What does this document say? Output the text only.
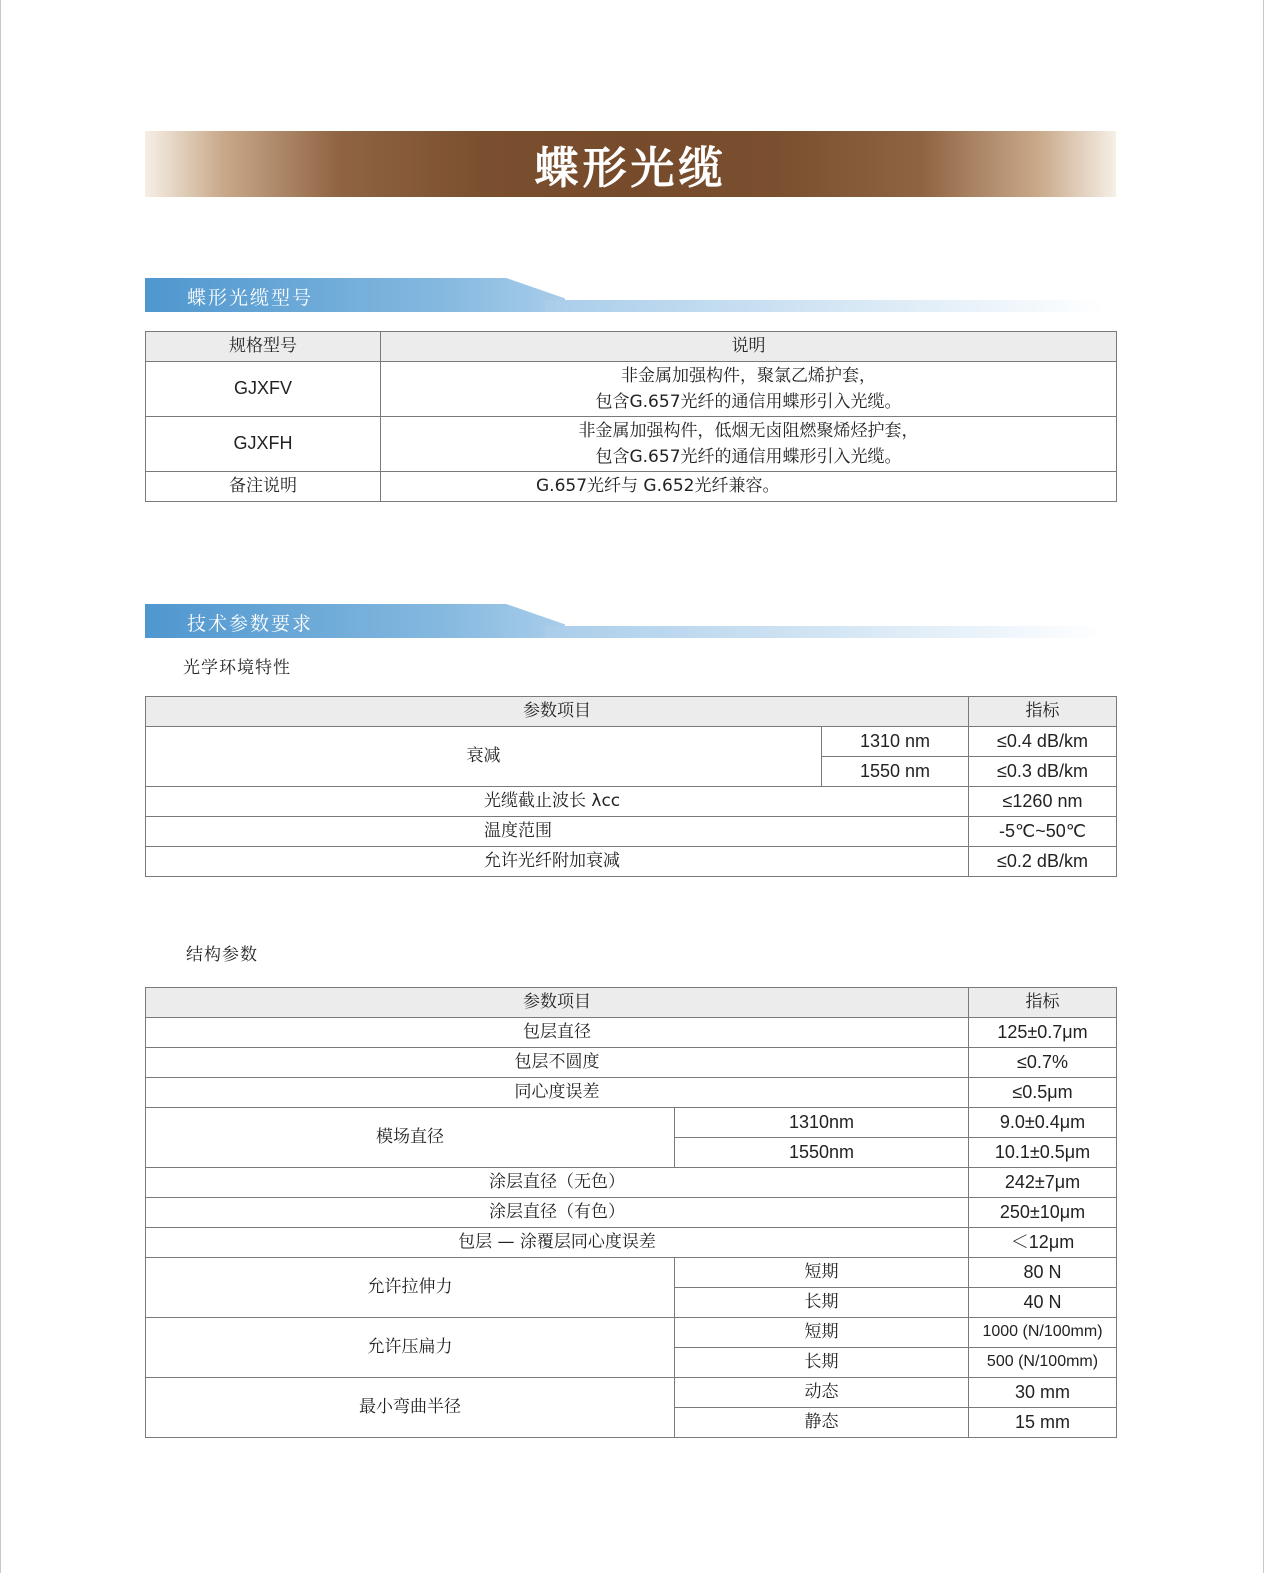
蝶形光缆
蝶形光缆型号
规格型号	说明
GJXFV	非金属加强构件，聚氯乙烯护套，
包含G.657光纤的通信用蝶形引入光缆。

GJXFH	非金属加强构件，低烟无卤阻燃聚烯烃护套，
包含G.657光纤的通信用蝶形引入光缆。

备注说明	G.657光纤与 G.652光纤兼容。
技术参数要求
光学环境特性
参数项目		指标
衰减	1310 nm	≤0.4 dB/km
	1550 nm	≤0.3 dB/km
光缆截止波长 λcc		≤1260 nm
温度范围		-5℃~50℃
允许光纤附加衰减		≤0.2 dB/km
结构参数
参数项目		指标
包层直径		125±0.7μm
包层不圆度		≤0.7%
同心度误差		≤0.5μm
模场直径	1310nm	9.0±0.4μm
	1550nm	10.1±0.5μm
涂层直径（无色）		242±7μm
涂层直径（有色）		250±10μm
包层 — 涂覆层同心度误差		＜12μm
允许拉伸力	短期	80 N
	长期	40 N
允许压扁力	短期	1000 (N/100mm)
	长期	500 (N/100mm)
最小弯曲半径	动态	30 mm
	静态	15 mm
